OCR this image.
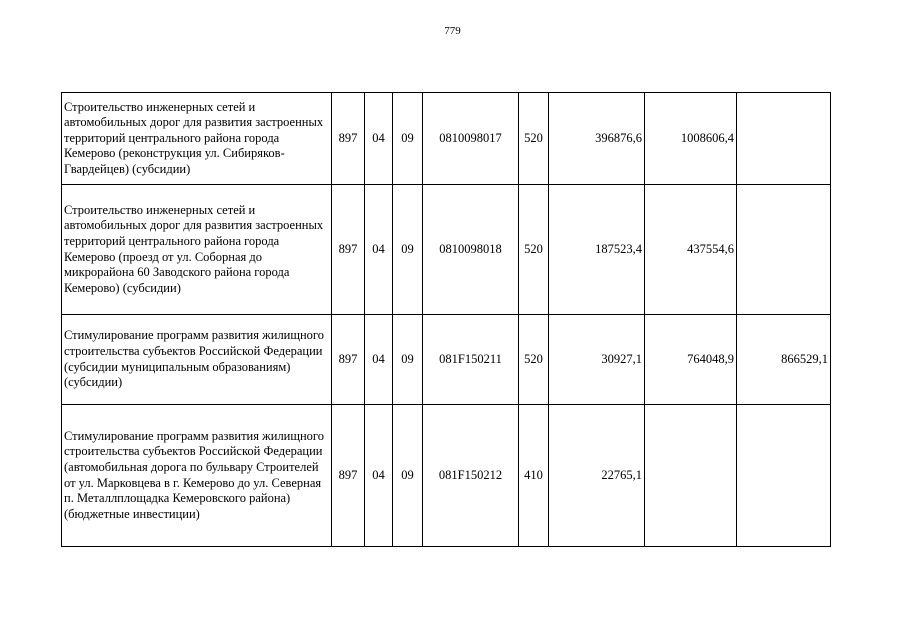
779
Строительство инженерных сетей и автомобильных дорог для развития застроенных территорий центрального района города Кемерово (реконструкция ул. Сибиряков-Гвардейцев) (субсидии)	897	04	09	0810098017	520	396876,6	1008606,4	
Строительство инженерных сетей и автомобильных дорог для развития застроенных территорий центрального района города Кемерово (проезд от ул. Соборная до микрорайона 60 Заводского района города Кемерово) (субсидии)	897	04	09	0810098018	520	187523,4	437554,6	
Стимулирование программ развития жилищного строительства субъектов Российской Федерации (субсидии муниципальным образованиям) (субсидии)	897	04	09	081F150211	520	30927,1	764048,9	866529,1
Стимулирование программ развития жилищного строительства субъектов Российской Федерации (автомобильная дорога по бульвару Строителей от ул. Марковцева в г. Кемерово до ул. Северная п. Металлплощадка Кемеровского района) (бюджетные инвестиции)	897	04	09	081F150212	410	22765,1		
